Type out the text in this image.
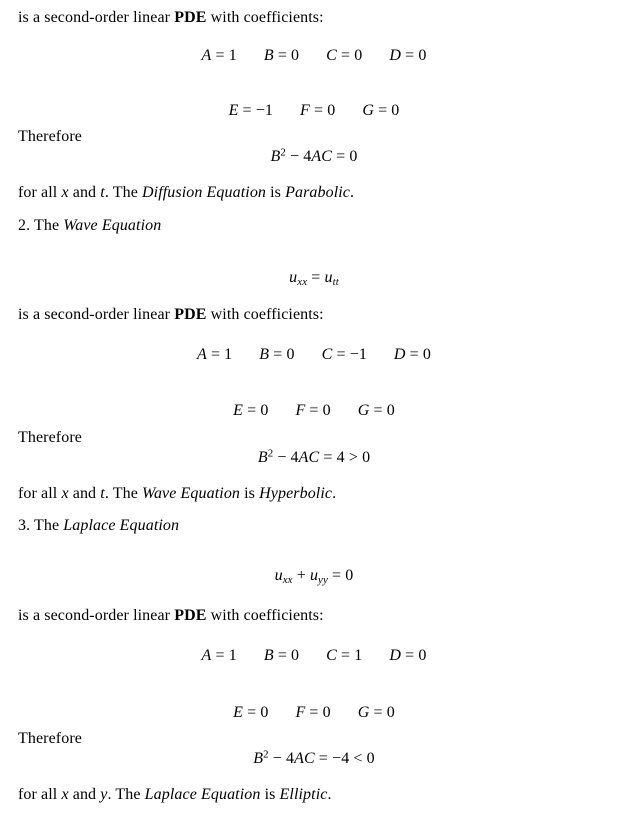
is a second-order linear PDE with coefficients:

A = 1 B = 0 C = 0 D = 0
E = −1 F = 0 G = 0

Therefore

$B^2 - 4AC = 0$

for all x and t. The Diffusion Equation is Parabolic.

2. The Wave Equation

uxx = utt

is a second-order linear PDE with coefficients:

A = 1 B = 0 C = −1 D = 0
E = 0 F = 0 G = 0

Therefore

$B^2 - 4AC = 4 > 0$

for all x and t. The Wave Equation is Hyperbolic.

3. The Laplace Equation

uxx + uyy = 0

is a second-order linear PDE with coefficients:

A = 1 B = 0 C = 1 D = 0
E = 0 F = 0 G = 0

Therefore

$B^2 - 4AC = -4 < 0$

for all x and y. The Laplace Equation is Elliptic.
